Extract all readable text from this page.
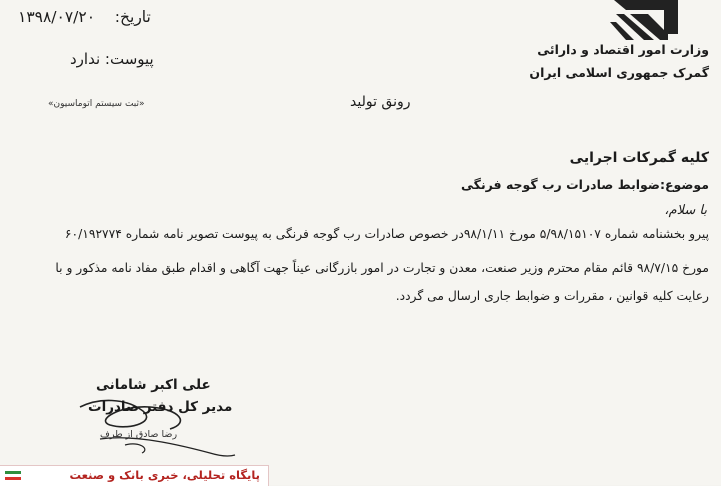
وزارت امور اقتصاد و دارائی
گمرک جمهوری اسلامی ایران
تاریخ:    ۱۳۹۸/۰۷/۲۰
پیوست: ندارد
«ثبت سیستم اتوماسیون»	رونق تولید
کلیه گمرکات اجرایی
موضوع:ضوابط صادرات رب گوجه فرنگی
با سلام،
پیرو بخشنامه شماره ۵/۹۸/۱۵۱۰۷ مورخ ۹۸/۱/۱۱در خصوص صادرات رب گوجه فرنگی به پیوست تصویر نامه شماره ۶۰/۱۹۲۷۷۴
مورخ ۹۸/۷/۱۵ قائم مقام محترم وزیر صنعت، معدن و تجارت در امور بازرگانی عیناً جهت آگاهی و اقدام طبق مفاد نامه مذکور و با
رعایت کلیه قوانین ، مقررات و ضوابط جاری ارسال می گردد.
علی اکبر شامانی
مدیر کل دفتر صادرات
رضا صادق از طرف
پایگاه تحلیلی، خبری بانک و صنعت
